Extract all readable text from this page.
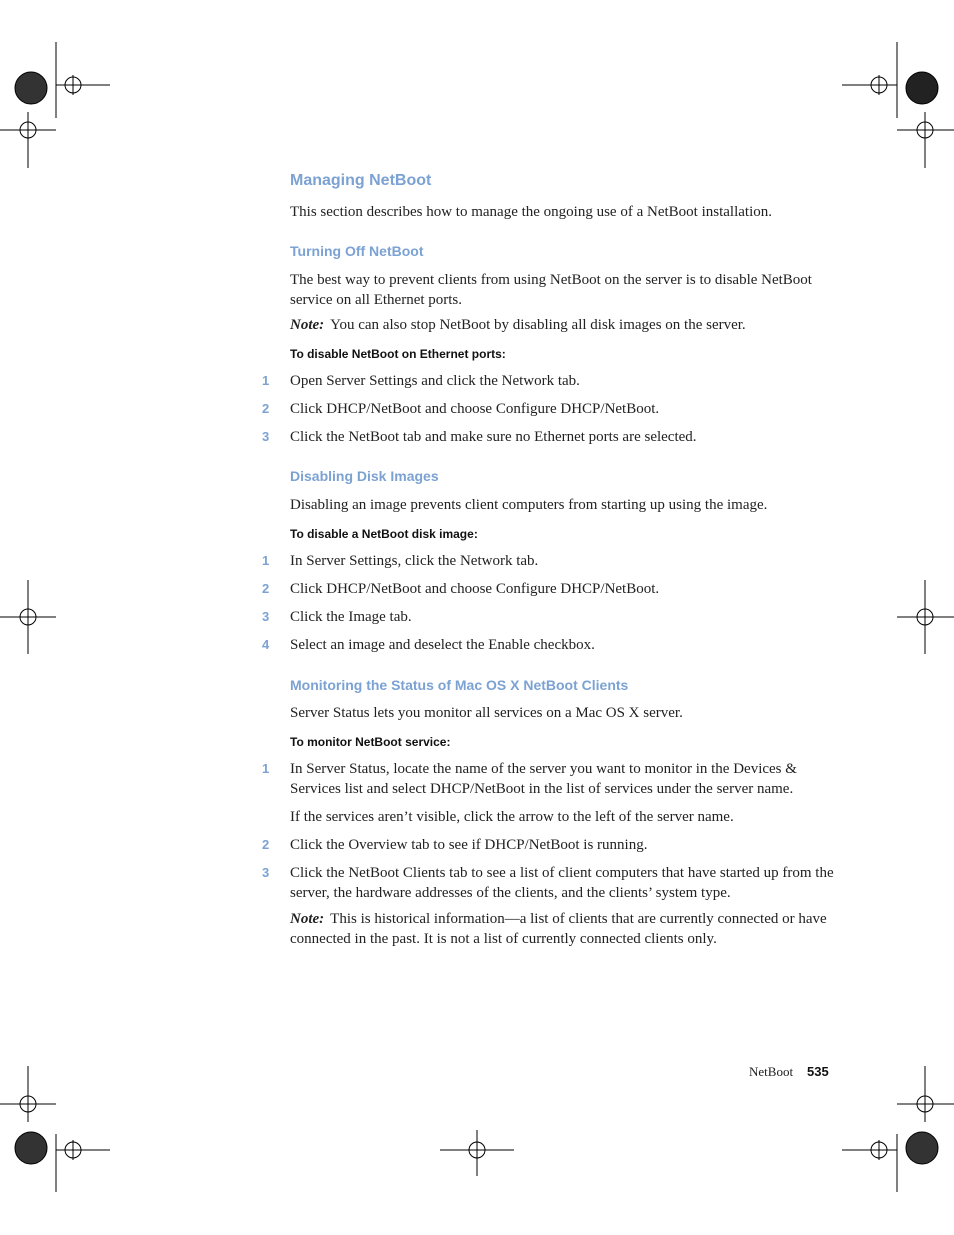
Managing NetBoot
This section describes how to manage the ongoing use of a NetBoot installation.
Turning Off NetBoot
The best way to prevent clients from using NetBoot on the server is to disable NetBoot service on all Ethernet ports.
Note: You can also stop NetBoot by disabling all disk images on the server.
To disable NetBoot on Ethernet ports:
1	Open Server Settings and click the Network tab.
2	Click DHCP/NetBoot and choose Configure DHCP/NetBoot.
3	Click the NetBoot tab and make sure no Ethernet ports are selected.
Disabling Disk Images
Disabling an image prevents client computers from starting up using the image.
To disable a NetBoot disk image:
1	In Server Settings, click the Network tab.
2	Click DHCP/NetBoot and choose Configure DHCP/NetBoot.
3	Click the Image tab.
4	Select an image and deselect the Enable checkbox.
Monitoring the Status of Mac OS X NetBoot Clients
Server Status lets you monitor all services on a Mac OS X server.
To monitor NetBoot service:
1	In Server Status, locate the name of the server you want to monitor in the Devices & Services list and select DHCP/NetBoot in the list of services under the server name.
If the services aren’t visible, click the arrow to the left of the server name.
2	Click the Overview tab to see if DHCP/NetBoot is running.
3	Click the NetBoot Clients tab to see a list of client computers that have started up from the server, the hardware addresses of the clients, and the clients’ system type.
Note: This is historical information—a list of clients that are currently connected or have connected in the past. It is not a list of currently connected clients only.
NetBoot 535
